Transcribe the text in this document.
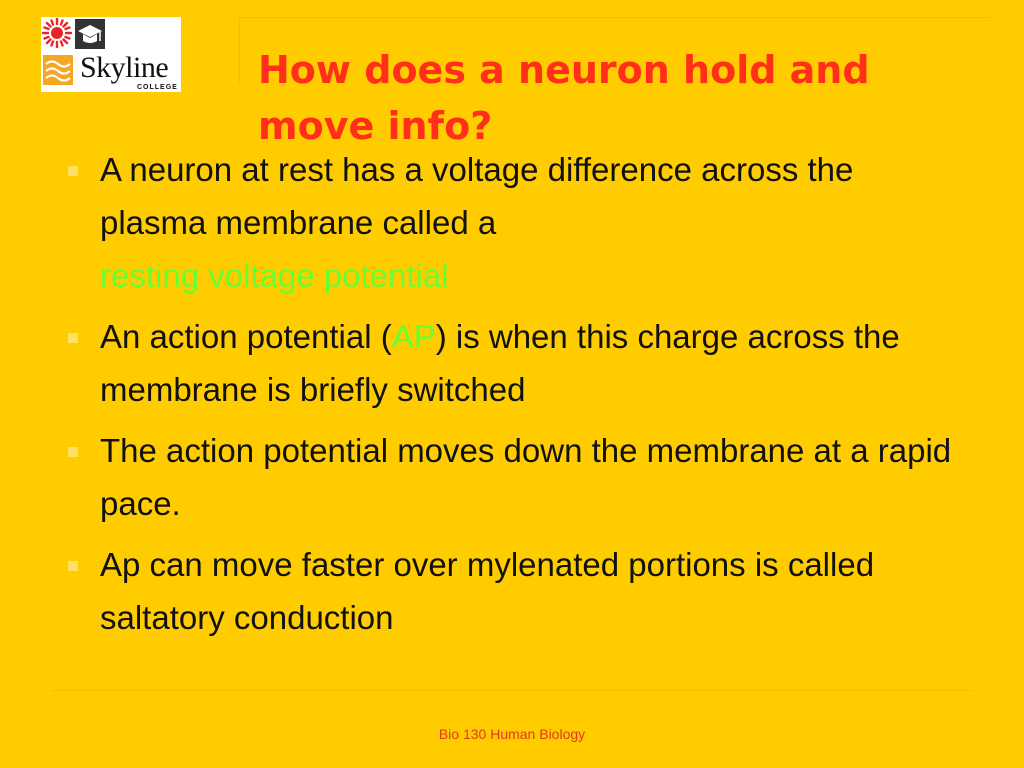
Skyline
COLLEGE How does a neuron hold and move info?
A neuron at rest has a voltage difference across the plasma membrane called a
resting voltage potential
An action potential (AP) is when this charge across the membrane is briefly switched
The action potential moves down the membrane at a rapid pace.
Ap can move faster over mylenated portions is called saltatory conduction
Bio 130 Human Biology
